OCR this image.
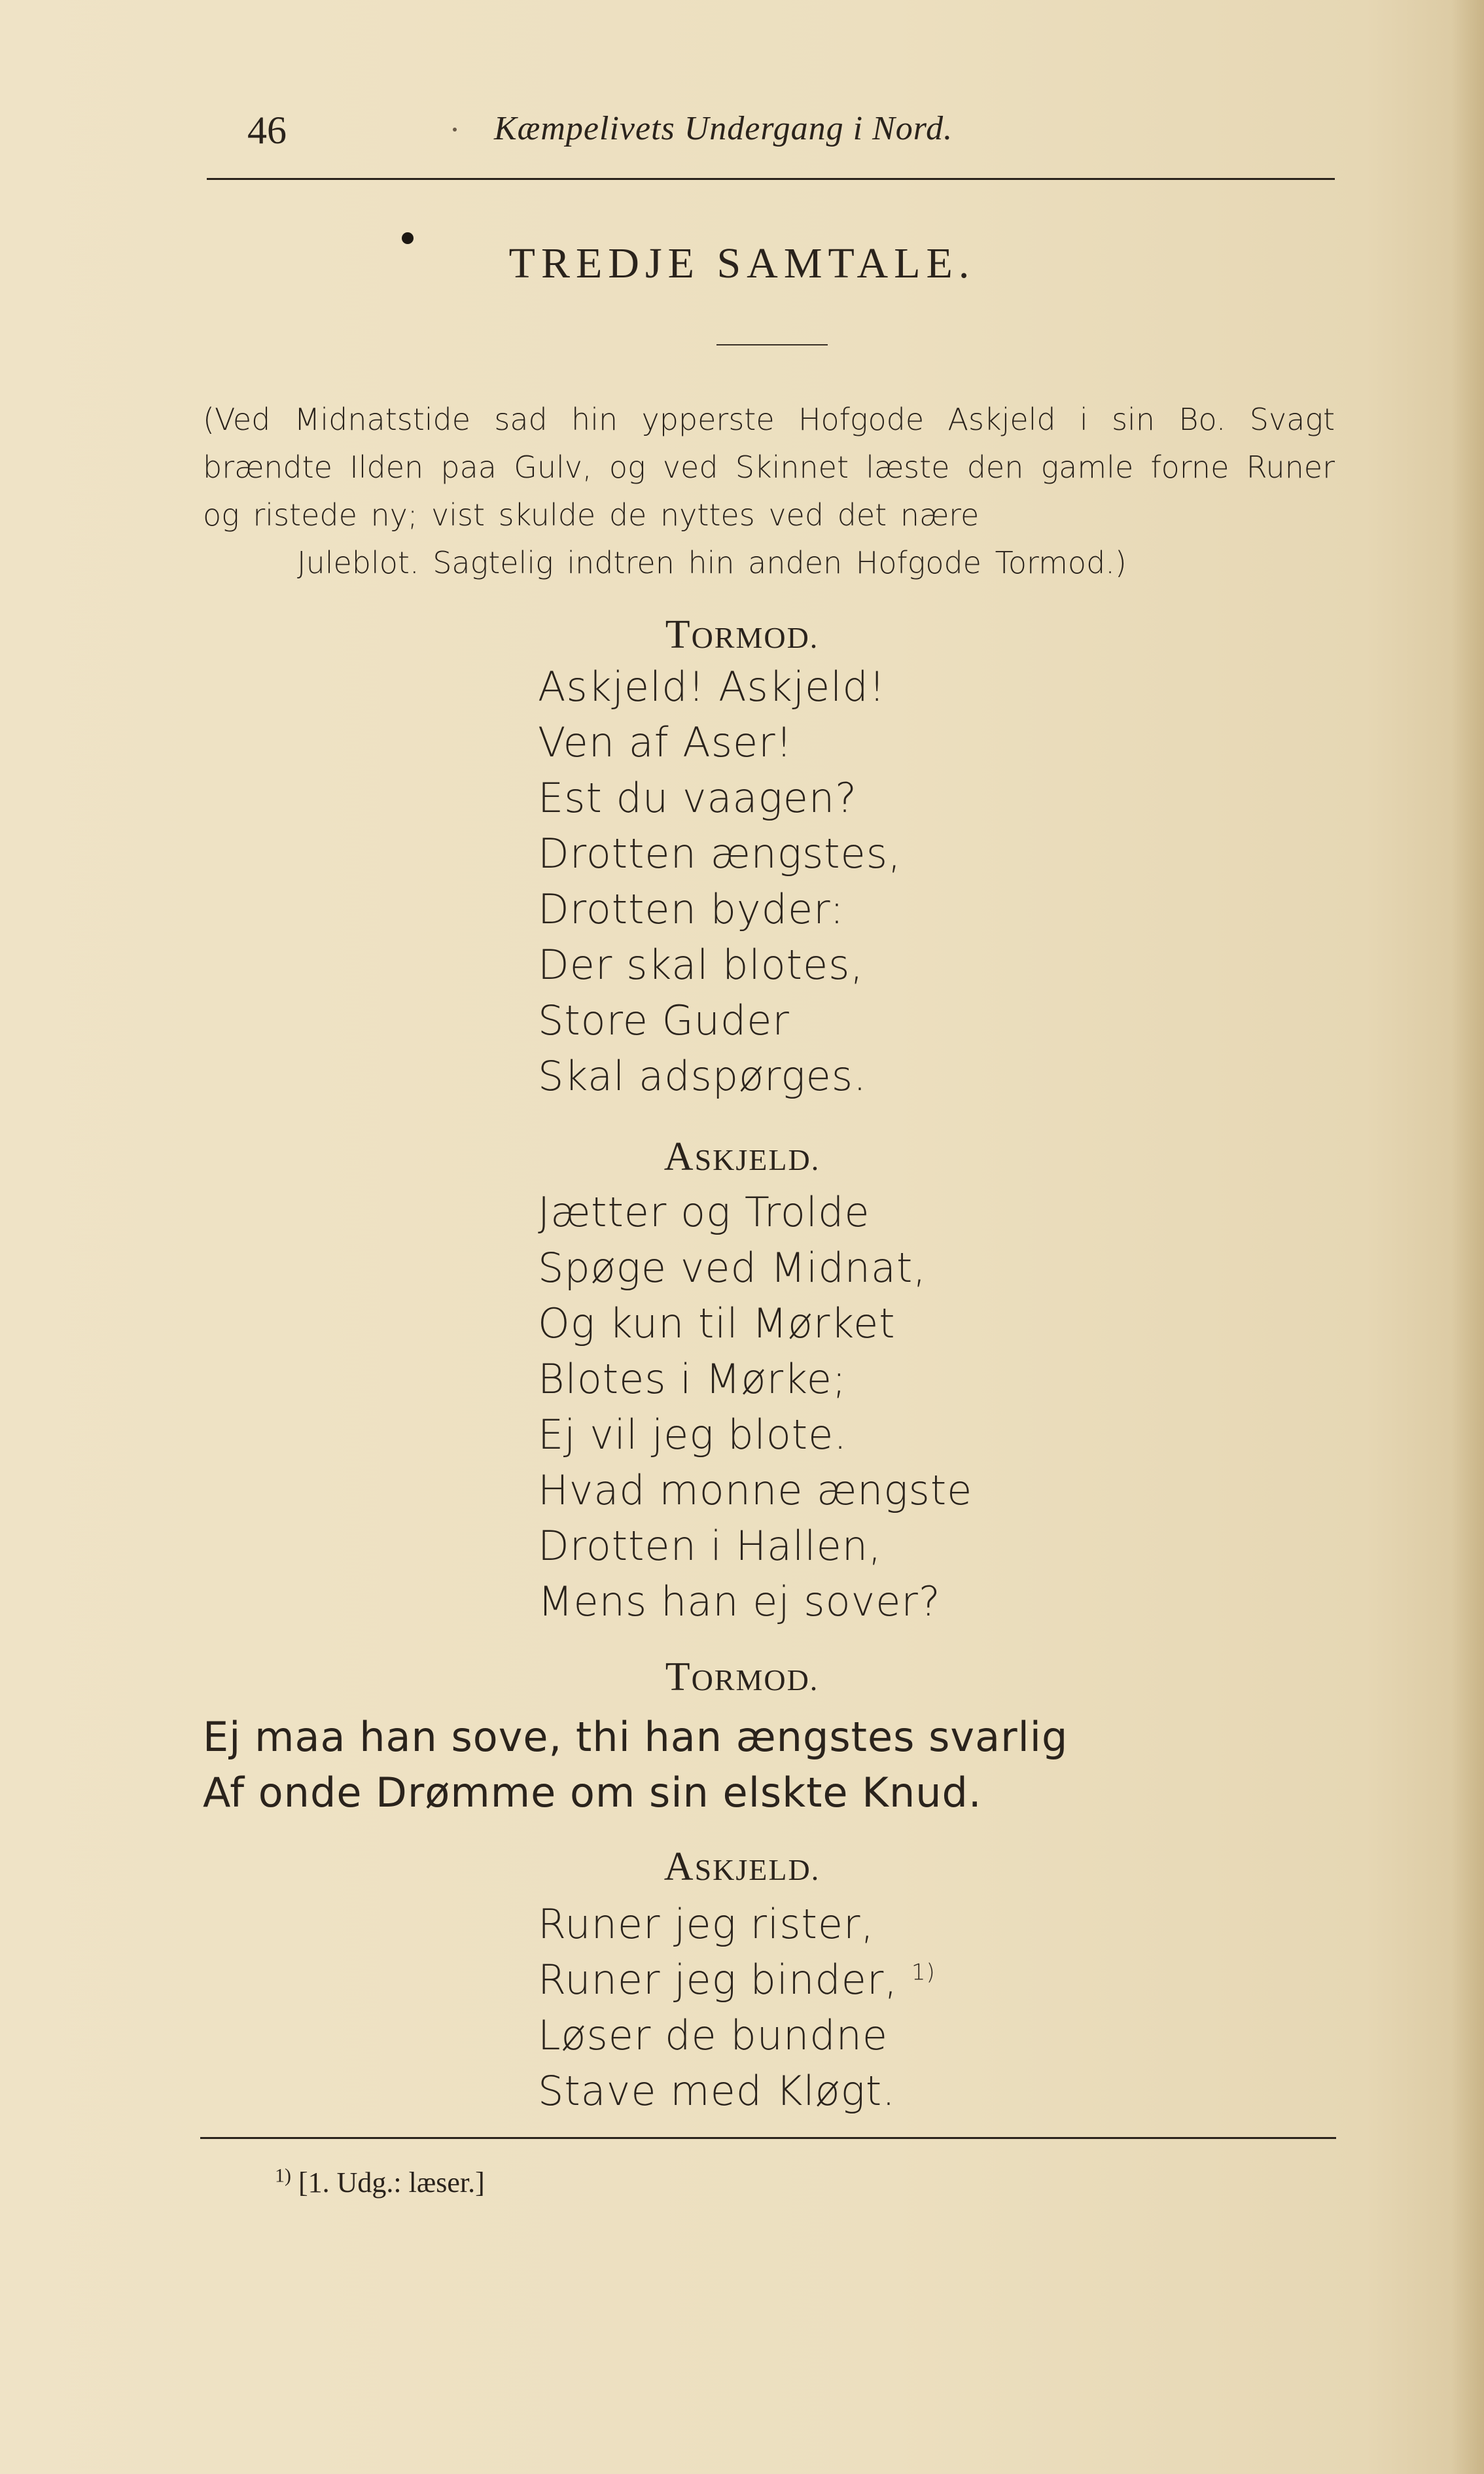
46	Kæmpelivets Undergang i Nord.
TREDJE SAMTALE.
(Ved Midnatstide sad hin ypperste Hofgode Askjeld i sin Bo. Svagt brændte Ilden paa Gulv, og ved Skinnet læste den gamle forne Runer og ristede ny; vist skulde de nyttes ved det nære
Juleblot. Sagtelig indtren hin anden Hofgode Tormod.)
TORMOD.
Askjeld! Askjeld!
Ven af Aser!
Est du vaagen?
Drotten ængstes,
Drotten byder:
Der skal blotes,
Store Guder
Skal adspørges.
ASKJELD.
Jætter og Trolde
Spøge ved Midnat,
Og kun til Mørket
Blotes i Mørke;
Ej vil jeg blote.
Hvad monne ængste
Drotten i Hallen,
Mens han ej sover?
TORMOD.
Ej maa han sove, thi han ængstes svarlig
Af onde Drømme om sin elskte Knud.
ASKJELD.
Runer jeg rister,
Runer jeg binder, $^{1)}$
Løser de bundne
Stave med Kløgt.
$^{1)}$ [1. Udg.: læser.]
